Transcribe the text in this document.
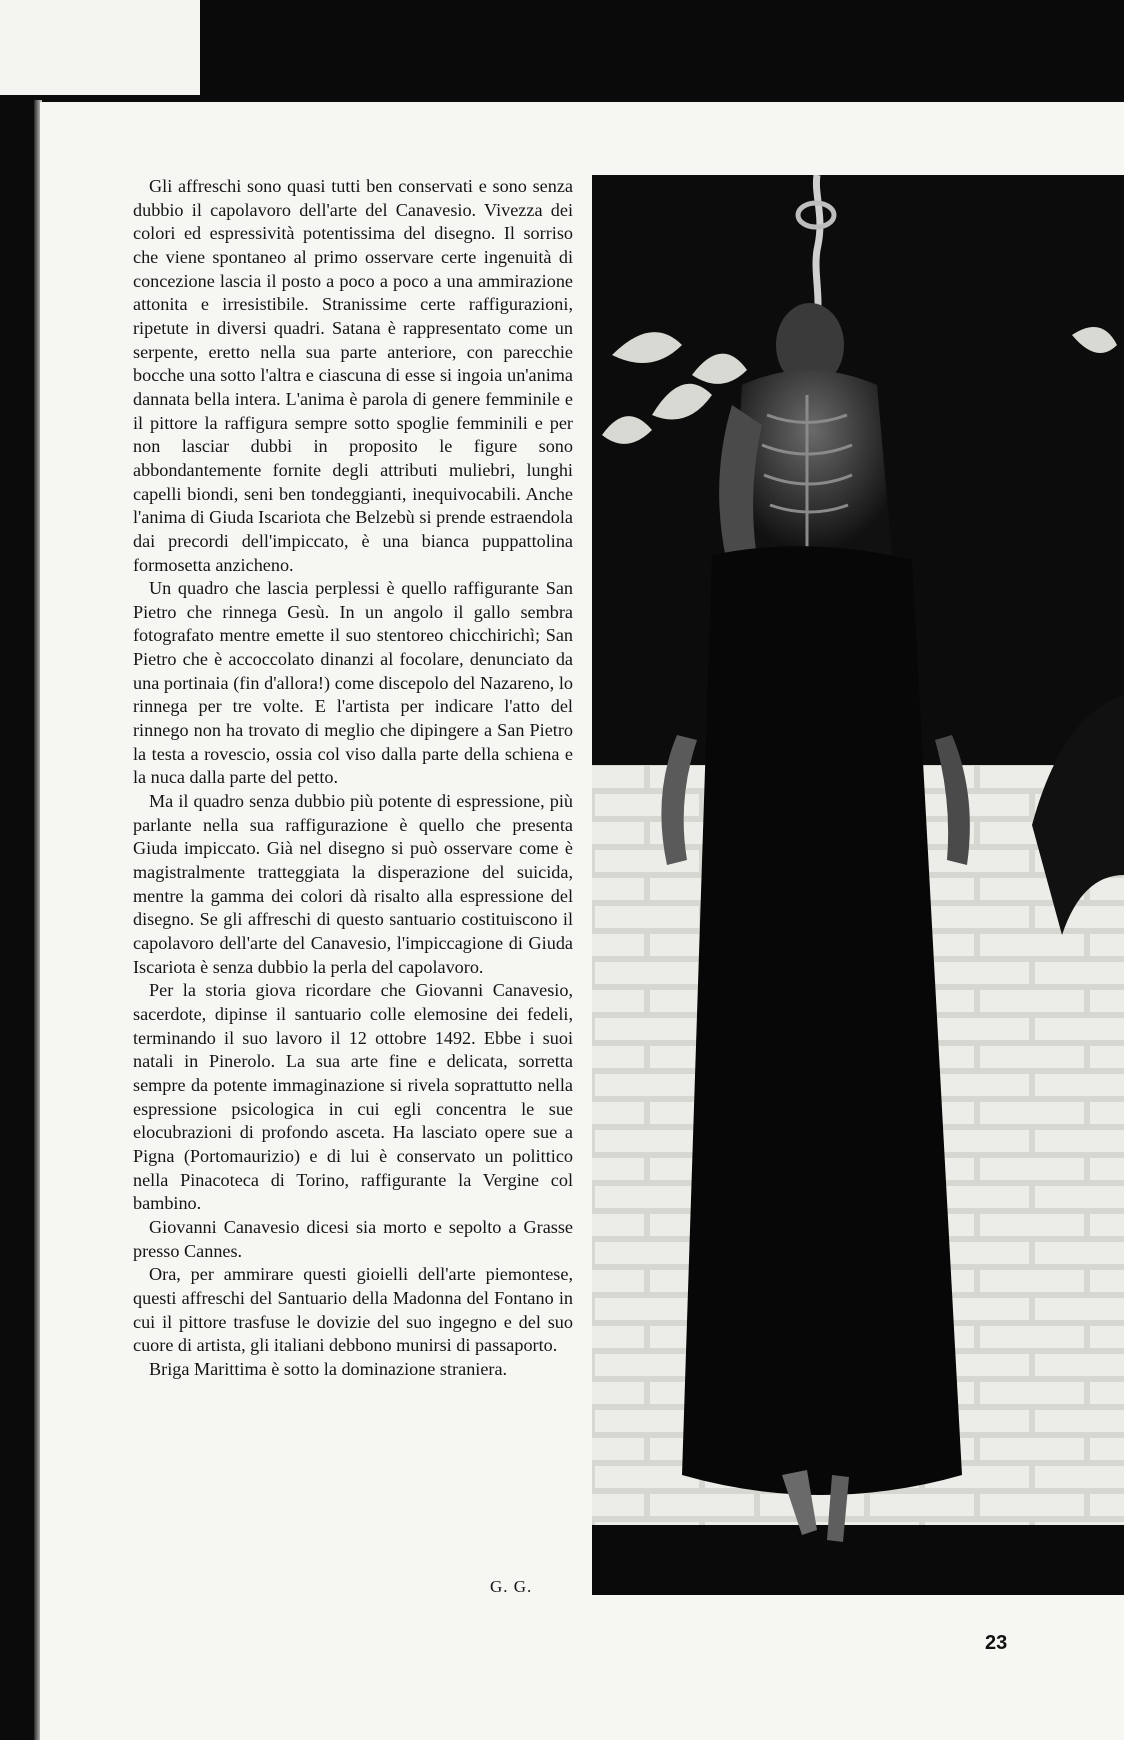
Gli affreschi sono quasi tutti ben conservati e sono senza dubbio il capolavoro dell'arte del Canavesio. Vivezza dei colori ed espressività potentissima del disegno. Il sorriso che viene spontaneo al primo osservare certe ingenuità di concezione lascia il posto a poco a poco a una ammirazione attonita e irresistibile. Stranissime certe raffigurazioni, ripetute in diversi quadri. Satana è rappresentato come un serpente, eretto nella sua parte anteriore, con parecchie bocche una sotto l'altra e ciascuna di esse si ingoia un'anima dannata bella intera. L'anima è parola di genere femminile e il pittore la raffigura sempre sotto spoglie femminili e per non lasciar dubbi in proposito le figure sono abbondantemente fornite degli attributi muliebri, lunghi capelli biondi, seni ben tondeggianti, inequivocabili. Anche l'anima di Giuda Iscariota che Belzebù si prende estraendola dai precordi dell'impiccato, è una bianca puppattolina formosetta anzicheno.

Un quadro che lascia perplessi è quello raffigurante San Pietro che rinnega Gesù. In un angolo il gallo sembra fotografato mentre emette il suo stentoreo chicchirichì; San Pietro che è accoccolato dinanzi al focolare, denunciato da una portinaia (fin d'allora!) come discepolo del Nazareno, lo rinnega per tre volte. E l'artista per indicare l'atto del rinnego non ha trovato di meglio che dipingere a San Pietro la testa a rovescio, ossia col viso dalla parte della schiena e la nuca dalla parte del petto.

Ma il quadro senza dubbio più potente di espressione, più parlante nella sua raffigurazione è quello che presenta Giuda impiccato. Già nel disegno si può osservare come è magistralmente tratteggiata la disperazione del suicida, mentre la gamma dei colori dà risalto alla espressione del disegno. Se gli affreschi di questo santuario costituiscono il capolavoro dell'arte del Canavesio, l'impiccagione di Giuda Iscariota è senza dubbio la perla del capolavoro.

Per la storia giova ricordare che Giovanni Canavesio, sacerdote, dipinse il santuario colle elemosine dei fedeli, terminando il suo lavoro il 12 ottobre 1492. Ebbe i suoi natali in Pinerolo. La sua arte fine e delicata, sorretta sempre da potente immaginazione si rivela soprattutto nella espressione psicologica in cui egli concentra le sue elocubrazioni di profondo asceta. Ha lasciato opere sue a Pigna (Portomaurizio) e di lui è conservato un polittico nella Pinacoteca di Torino, raffigurante la Vergine col bambino.

Giovanni Canavesio dicesi sia morto e sepolto a Grasse presso Cannes.

Ora, per ammirare questi gioielli dell'arte piemontese, questi affreschi del Santuario della Madonna del Fontano in cui il pittore trasfuse le dovizie del suo ingegno e del suo cuore di artista, gli italiani debbono munirsi di passaporto.

Briga Marittima è sotto la dominazione straniera.

G. G.
23
